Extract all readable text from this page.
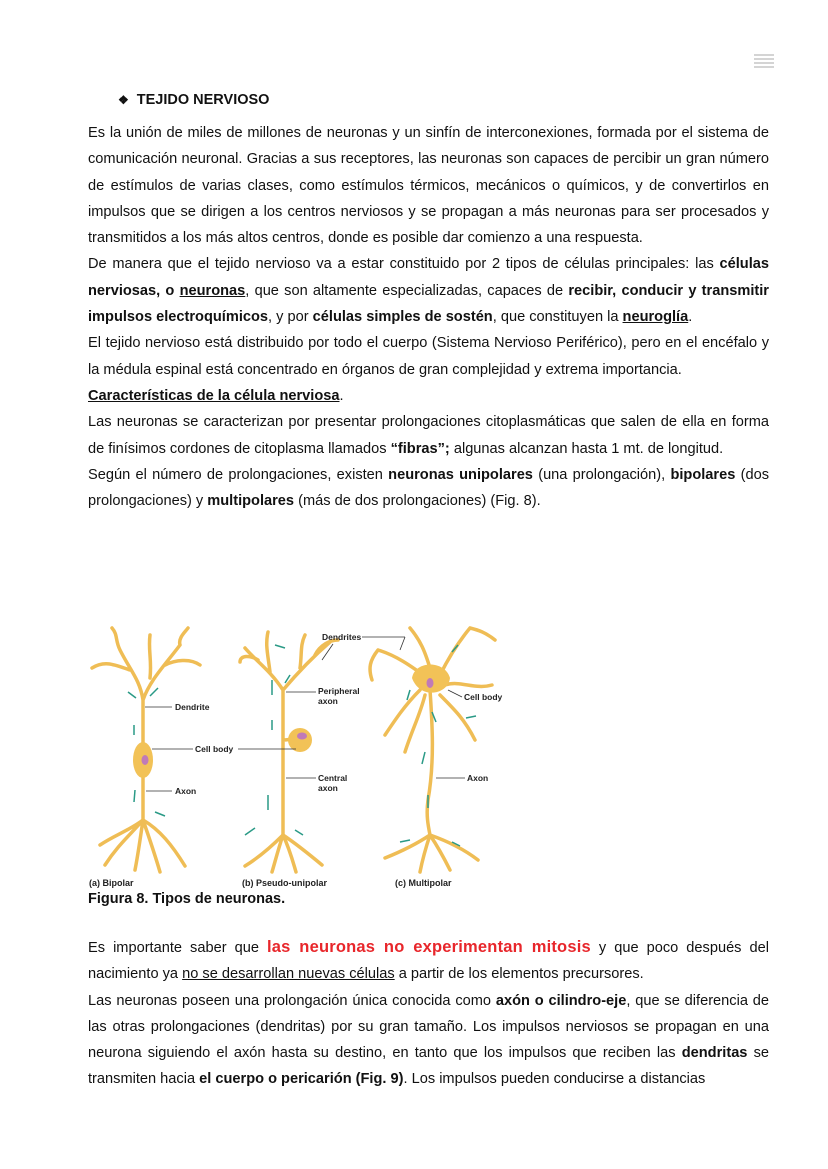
❖ TEJIDO NERVIOSO

Es la unión de miles de millones de neuronas y un sinfín de interconexiones, formada por el sistema de comunicación neuronal. Gracias a sus receptores, las neuronas son capaces de percibir un gran número de estímulos de varias clases, como estímulos térmicos, mecánicos o químicos, y de convertirlos en impulsos que se dirigen a los centros nerviosos y se propagan a más neuronas para ser procesados y transmitidos a los más altos centros, donde es posible dar comienzo a una respuesta.

De manera que el tejido nervioso va a estar constituido por 2 tipos de células principales: las células nerviosas, o neuronas, que son altamente especializadas, capaces de recibir, conducir y transmitir impulsos electroquímicos, y por células simples de sostén, que constituyen la neuroglía.

El tejido nervioso está distribuido por todo el cuerpo (Sistema Nervioso Periférico), pero en el encéfalo y la médula espinal está concentrado en órganos de gran complejidad y extrema importancia.

Características de la célula nerviosa.

Las neuronas se caracterizan por presentar prolongaciones citoplasmáticas que salen de ella en forma de finísimos cordones de citoplasma llamados “fibras”; algunas alcanzan hasta 1 mt. de longitud.

Según el número de prolongaciones, existen neuronas unipolares (una prolongación), bipolares (dos prolongaciones) y multipolares (más de dos prolongaciones) (Fig. 8).

Dendrite
Cell body
Axon
Dendrites
Peripheral axon
Central axon
Cell body
Axon
(a) Bipolar	(b) Pseudo-unipolar	(c) Multipolar
Figura 8. Tipos de neuronas.

Es importante saber que las neuronas no experimentan mitosis y que poco después del nacimiento ya no se desarrollan nuevas células a partir de los elementos precursores.

Las neuronas poseen una prolongación única conocida como axón o cilindro-eje, que se diferencia de las otras prolongaciones (dendritas) por su gran tamaño. Los impulsos nerviosos se propagan en una neurona siguiendo el axón hasta su destino, en tanto que los impulsos que reciben las dendritas se transmiten hacia el cuerpo o pericarión (Fig. 9). Los impulsos pueden conducirse a distancias
